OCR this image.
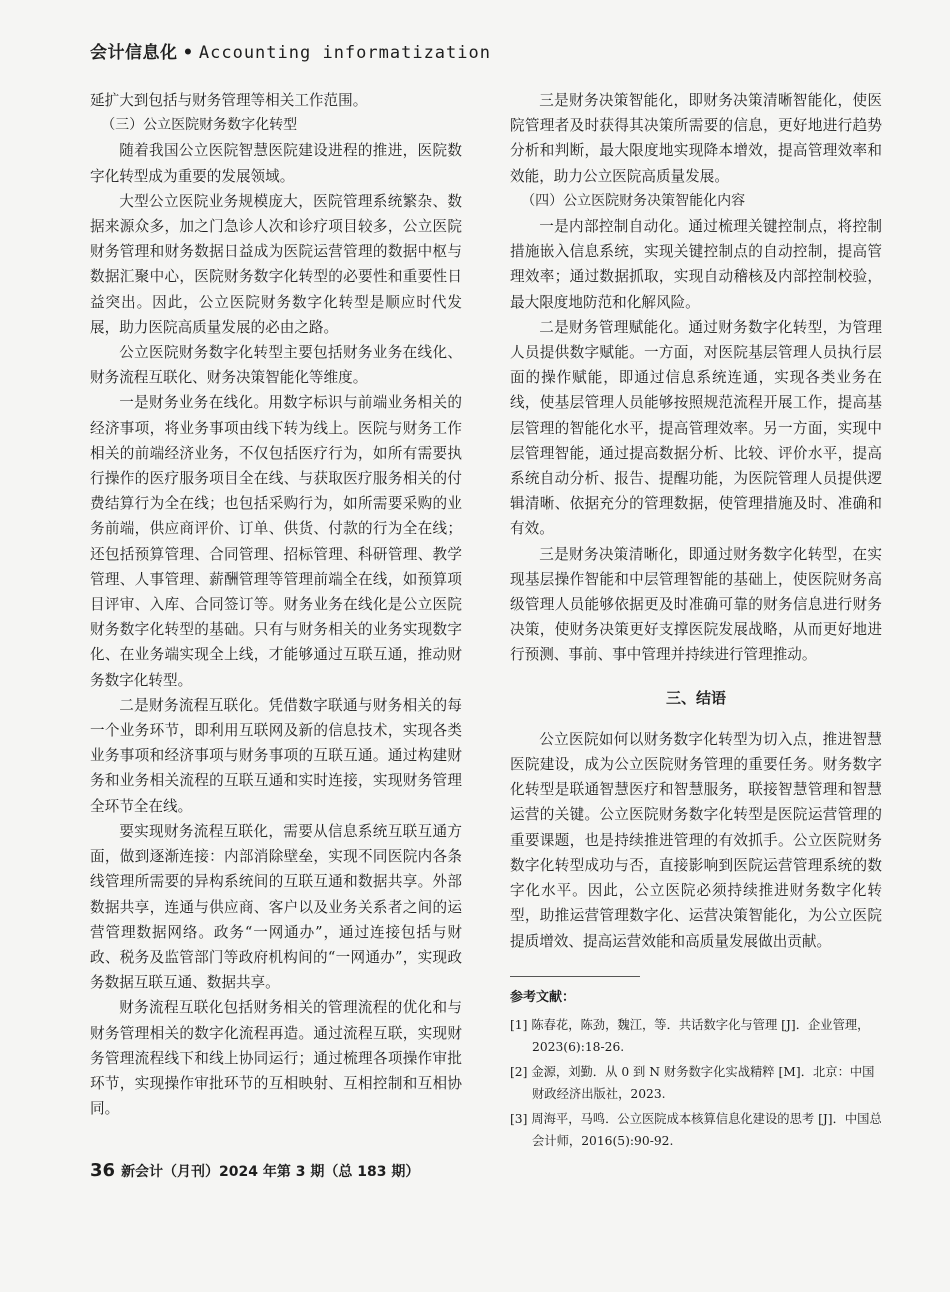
会计信息化 • Accounting informatization
延扩大到包括与财务管理等相关工作范围。
（三）公立医院财务数字化转型
随着我国公立医院智慧医院建设进程的推进，医院数字化转型成为重要的发展领域。
大型公立医院业务规模庞大，医院管理系统繁杂、数据来源众多，加之门急诊人次和诊疗项目较多，公立医院财务管理和财务数据日益成为医院运营管理的数据中枢与数据汇聚中心，医院财务数字化转型的必要性和重要性日益突出。因此，公立医院财务数字化转型是顺应时代发展，助力医院高质量发展的必由之路。
公立医院财务数字化转型主要包括财务业务在线化、财务流程互联化、财务决策智能化等维度。
一是财务业务在线化。用数字标识与前端业务相关的经济事项，将业务事项由线下转为线上。医院与财务工作相关的前端经济业务，不仅包括医疗行为，如所有需要执行操作的医疗服务项目全在线、与获取医疗服务相关的付费结算行为全在线；也包括采购行为，如所需要采购的业务前端，供应商评价、订单、供货、付款的行为全在线；还包括预算管理、合同管理、招标管理、科研管理、教学管理、人事管理、薪酬管理等管理前端全在线，如预算项目评审、入库、合同签订等。财务业务在线化是公立医院财务数字化转型的基础。只有与财务相关的业务实现数字化、在业务端实现全上线，才能够通过互联互通，推动财务数字化转型。
二是财务流程互联化。凭借数字联通与财务相关的每一个业务环节，即利用互联网及新的信息技术，实现各类业务事项和经济事项与财务事项的互联互通。通过构建财务和业务相关流程的互联互通和实时连接，实现财务管理全环节全在线。
要实现财务流程互联化，需要从信息系统互联互通方面，做到逐渐连接：内部消除壁垒，实现不同医院内各条线管理所需要的异构系统间的互联互通和数据共享。外部数据共享，连通与供应商、客户以及业务关系者之间的运营管理数据网络。政务“一网通办”，通过连接包括与财政、税务及监管部门等政府机构间的“一网通办”，实现政务数据互联互通、数据共享。
财务流程互联化包括财务相关的管理流程的优化和与财务管理相关的数字化流程再造。通过流程互联，实现财务管理流程线下和线上协同运行；通过梳理各项操作审批环节，实现操作审批环节的互相映射、互相控制和互相协同。
三是财务决策智能化，即财务决策清晰智能化，使医院管理者及时获得其决策所需要的信息，更好地进行趋势分析和判断，最大限度地实现降本增效，提高管理效率和效能，助力公立医院高质量发展。
（四）公立医院财务决策智能化内容
一是内部控制自动化。通过梳理关键控制点，将控制措施嵌入信息系统，实现关键控制点的自动控制，提高管理效率；通过数据抓取，实现自动稽核及内部控制校验，最大限度地防范和化解风险。
二是财务管理赋能化。通过财务数字化转型，为管理人员提供数字赋能。一方面，对医院基层管理人员执行层面的操作赋能，即通过信息系统连通，实现各类业务在线，使基层管理人员能够按照规范流程开展工作，提高基层管理的智能化水平，提高管理效率。另一方面，实现中层管理智能，通过提高数据分析、比较、评价水平，提高系统自动分析、报告、提醒功能，为医院管理人员提供逻辑清晰、依据充分的管理数据，使管理措施及时、准确和有效。
三是财务决策清晰化，即通过财务数字化转型，在实现基层操作智能和中层管理智能的基础上，使医院财务高级管理人员能够依据更及时准确可靠的财务信息进行财务决策，使财务决策更好支撑医院发展战略，从而更好地进行预测、事前、事中管理并持续进行管理推动。
三、结语
公立医院如何以财务数字化转型为切入点，推进智慧医院建设，成为公立医院财务管理的重要任务。财务数字化转型是联通智慧医疗和智慧服务，联接智慧管理和智慧运营的关键。公立医院财务数字化转型是医院运营管理的重要课题，也是持续推进管理的有效抓手。公立医院财务数字化转型成功与否，直接影响到医院运营管理系统的数字化水平。因此，公立医院必须持续推进财务数字化转型，助推运营管理数字化、运营决策智能化，为公立医院提质增效、提高运营效能和高质量发展做出贡献。
参考文献：
[1] 陈春花，陈劲，魏江，等．共话数字化与管理 [J]．企业管理，2023(6):18-26.
[2] 金源，刘勤．从 0 到 N 财务数字化实战精粹 [M]．北京：中国财政经济出版社，2023.
[3] 周海平，马鸣．公立医院成本核算信息化建设的思考 [J]．中国总会计师，2016(5):90-92.
36 新会计（月刊）2024 年第 3 期（总 183 期）
